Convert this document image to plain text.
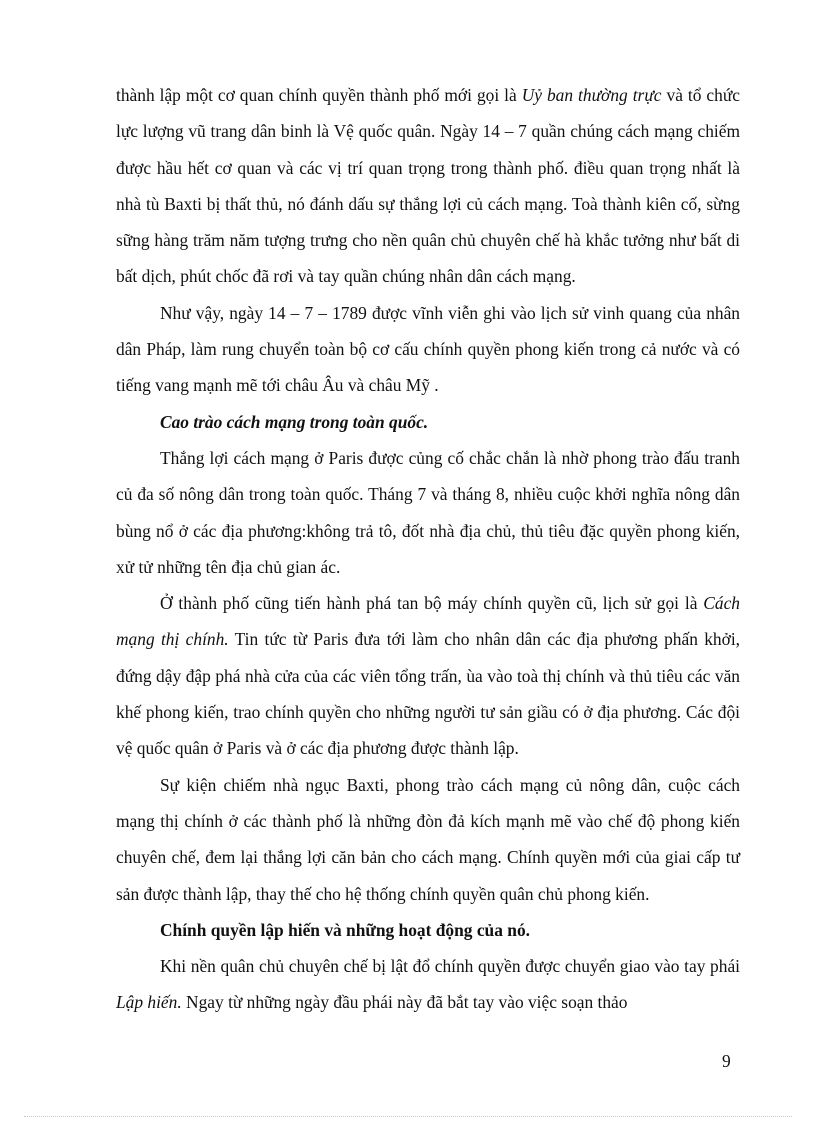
thành lập một cơ quan chính quyền thành phố mới gọi là Uỷ ban thường trực và tổ chức lực lượng vũ trang dân binh là Vệ quốc quân. Ngày 14 – 7 quần chúng cách mạng chiếm được hầu hết cơ quan và các vị trí quan trọng trong thành phố. điều quan trọng nhất là nhà tù Baxti bị thất thủ, nó đánh dấu sự thắng lợi củ cách mạng. Toà thành kiên cố, sừng sững hàng trăm năm tượng trưng cho nền quân chủ chuyên chế hà khắc tưởng như bất di bất dịch, phút chốc đã rơi và tay quần chúng nhân dân cách mạng.

Như vậy, ngày 14 – 7 – 1789 được vĩnh viễn ghi vào lịch sử vinh quang của nhân dân Pháp, làm rung chuyển toàn bộ cơ cấu chính quyền phong kiến trong cả nước và có tiếng vang mạnh mẽ tới châu Âu và châu Mỹ .

Cao trào cách mạng trong toàn quốc.

Thắng lợi cách mạng ở Paris được củng cố chắc chắn là nhờ phong trào đấu tranh củ đa số nông dân trong toàn quốc. Tháng 7 và tháng 8, nhiều cuộc khởi nghĩa nông dân bùng nổ ở các địa phương:không trả tô, đốt nhà địa chủ, thủ tiêu đặc quyền phong kiến, xử tử những tên địa chủ gian ác.

Ở thành phố cũng tiến hành phá tan bộ máy chính quyền cũ, lịch sử gọi là Cách mạng thị chính. Tin tức từ Paris đưa tới làm cho nhân dân các địa phương phấn khởi, đứng dậy đập phá nhà cửa của các viên tổng trấn, ùa vào toà thị chính và thủ tiêu các văn khế phong kiến, trao chính quyền cho những người tư sản giầu có ở địa phương. Các đội vệ quốc quân ở Paris và ở các địa phương được thành lập.

Sự kiện chiếm nhà ngục Baxti, phong trào cách mạng củ nông dân, cuộc cách mạng thị chính ở các thành phố là những đòn đả kích mạnh mẽ vào chế độ phong kiến chuyên chế, đem lại thắng lợi căn bản cho cách mạng. Chính quyền mới của giai cấp tư sản được thành lập, thay thế cho hệ thống chính quyền quân chủ phong kiến.

Chính quyền lập hiến và những hoạt động của nó.

Khi nền quân chủ chuyên chế bị lật đổ chính quyền được chuyển giao vào tay phái Lập hiến. Ngay từ những ngày đầu phái này đã bắt tay vào việc soạn thảo

9
